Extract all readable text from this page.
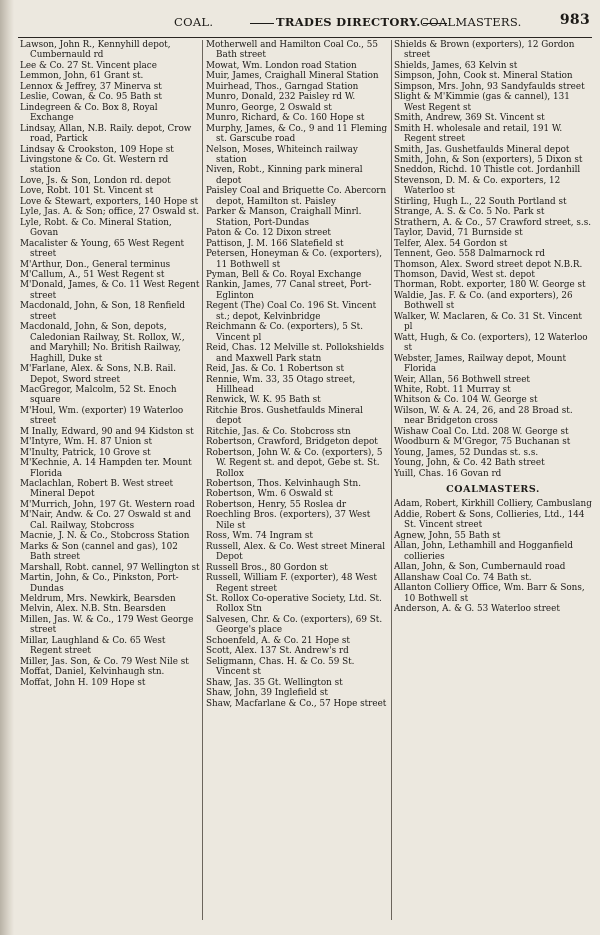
COAL.	TRADES DIRECTORY. COALMASTERS.	983
Lawson, John R., Kennyhill depot, Cumbernauld rd
Lee & Co. 27 St. Vincent place
Lemmon, John, 61 Grant st.
Lennox & Jeffrey, 37 Minerva st
Leslie, Cowan, & Co. 95 Bath st
Lindegreen & Co. Box 8, Royal Exchange
Lindsay, Allan, N.B. Raily. depot, Crow road, Partick
Lindsay & Crookston, 109 Hope st
Livingstone & Co. Gt. Western rd station
Love, Js. & Son, London rd. depot
Love, Robt. 101 St. Vincent st
Love & Stewart, exporters, 140 Hope st
Lyle, Jas. A. & Son; office, 27 Oswald st.
Lyle, Robt. & Co. Mineral Station, Govan
Macalister & Young, 65 West Regent street
M'Arthur, Don., General terminus
M'Callum, A., 51 West Regent st
M'Donald, James, & Co. 11 West Regent street
Macdonald, John, & Son, 18 Renfield street
Macdonald, John, & Son, depots, Caledonian Railway, St. Rollox, W., and Maryhill; No. British Railway, Haghill, Duke st
M'Farlane, Alex. & Sons, N.B. Rail. Depot, Sword street
MacGregor, Malcolm, 52 St. Enoch square
M'Houl, Wm. (exporter) 19 Waterloo street
M Inally, Edward, 90 and 94 Kidston st
M'Intyre, Wm. H. 87 Union st
M'Inulty, Patrick, 10 Grove st
M'Kechnie, A. 14 Hampden ter. Mount Florida
Maclachlan, Robert B. West street Mineral Depot
M'Murrich, John, 197 Gt. Western road
M'Nair, Andw. & Co. 27 Oswald st and Cal. Railway, Stobcross
Macnie, J. N. & Co., Stobcross Station
Marks & Son (cannel and gas), 102 Bath street
Marshall, Robt. cannel, 97 Wellington st
Martin, John, & Co., Pinkston, Port-Dundas
Meldrum, Mrs. Newkirk, Bearsden
Melvin, Alex. N.B. Stn. Bearsden
Millen, Jas. W. & Co., 179 West George street
Millar, Laughland & Co. 65 West Regent street
Miller, Jas. Son, & Co. 79 West Nile st
Moffat, Daniel, Kelvinhaugh stn.
Moffat, John H. 109 Hope st
Motherwell and Hamilton Coal Co., 55 Bath street
Mowat, Wm. London road Station
Muir, James, Craighall Mineral Station
Muirhead, Thos., Garngad Station
Munro, Donald, 232 Paisley rd W.
Munro, George, 2 Oswald st
Munro, Richard, & Co. 160 Hope st
Murphy, James, & Co., 9 and 11 Fleming st. Garscube road
Nelson, Moses, Whiteinch railway station
Niven, Robt., Kinning park mineral depot
Paisley Coal and Briquette Co. Abercorn depot, Hamilton st. Paisley
Parker & Manson, Craighall Minrl. Station, Port-Dundas
Paton & Co. 12 Dixon street
Pattison, J. M. 166 Slatefield st
Petersen, Honeyman & Co. (exporters), 11 Bothwell st
Pyman, Bell & Co. Royal Exchange
Rankin, James, 77 Canal street, Port-Eglinton
Regent (The) Coal Co. 196 St. Vincent st.; depot, Kelvinbridge
Reichmann & Co. (exporters), 5 St. Vincent pl
Reid, Chas. 12 Melville st. Pollokshields and Maxwell Park statn
Reid, Jas. & Co. 1 Robertson st
Rennie, Wm. 33, 35 Otago street, Hillhead
Renwick, W. K. 95 Bath st
Ritchie Bros. Gushetfaulds Mineral depot
Ritchie, Jas. & Co. Stobcross stn
Robertson, Crawford, Bridgeton depot
Robertson, John W. & Co. (exporters), 5 W. Regent st. and depot, Gebe st. St. Rollox
Robertson, Thos. Kelvinhaugh Stn.
Robertson, Wm. 6 Oswald st
Robertson, Henry, 55 Roslea dr
Roechling Bros. (exporters), 37 West Nile st
Ross, Wm. 74 Ingram st
Russell, Alex. & Co. West street Mineral Depot
Russell Bros., 80 Gordon st
Russell, William F. (exporter), 48 West Regent street
St. Rollox Co-operative Society, Ltd. St. Rollox Stn
Salvesen, Chr. & Co. (exporters), 69 St. George's place
Schoenfeld, A. & Co. 21 Hope st
Scott, Alex. 137 St. Andrew's rd
Seligmann, Chas. H. & Co. 59 St. Vincent st
Shaw, Jas. 35 Gt. Wellington st
Shaw, John, 39 Inglefield st
Shaw, Macfarlane & Co., 57 Hope street
Shields & Brown (exporters), 12 Gordon street
Shields, James, 63 Kelvin st
Simpson, John, Cook st. Mineral Station
Simpson, Mrs. John, 93 Sandyfaulds street
Slight & M'Kimmie (gas & cannel), 131 West Regent st
Smith, Andrew, 369 St. Vincent st
Smith H. wholesale and retail, 191 W. Regent street
Smith, Jas. Gushetfaulds Mineral depot
Smith, John, & Son (exporters), 5 Dixon st
Sneddon, Richd. 10 Thistle cot. Jordanhill
Stevenson, D. M. & Co. exporters, 12 Waterloo st
Stirling, Hugh L., 22 South Portland st
Strange, A. S. & Co. 5 No. Park st
Strathern, A. & Co., 57 Crawford street, s.s.
Taylor, David, 71 Burnside st
Telfer, Alex. 54 Gordon st
Tennent, Geo. 558 Dalmarnock rd
Thomson, Alex. Sword street depot N.B.R.
Thomson, David, West st. depot
Thorman, Robt. exporter, 180 W. George st
Waldie, Jas. F. & Co. (and exporters), 26 Bothwell st
Walker, W. Maclaren, & Co. 31 St. Vincent pl
Watt, Hugh, & Co. (exporters), 12 Waterloo st
Webster, James, Railway depot, Mount Florida
Weir, Allan, 56 Bothwell street
White, Robt. 11 Murray st
Whitson & Co. 104 W. George st
Wilson, W. & A. 24, 26, and 28 Broad st. near Bridgeton cross
Wishaw Coal Co. Ltd. 208 W. George st
Woodburn & M'Gregor, 75 Buchanan st
Young, James, 52 Dundas st. s.s.
Young, John, & Co. 42 Bath street
Yuill, Chas. 16 Govan rd
COALMASTERS.
Adam, Robert, Kirkhill Colliery, Cambuslang
Addie, Robert & Sons, Collieries, Ltd., 144 St. Vincent street
Agnew, John, 55 Bath st
Allan, John, Lethamhill and Hogganfield collieries
Allan, John, & Son, Cumbernauld road
Allanshaw Coal Co. 74 Bath st.
Allanton Colliery Office, Wm. Barr & Sons, 10 Bothwell st
Anderson, A. & G. 53 Waterloo street
